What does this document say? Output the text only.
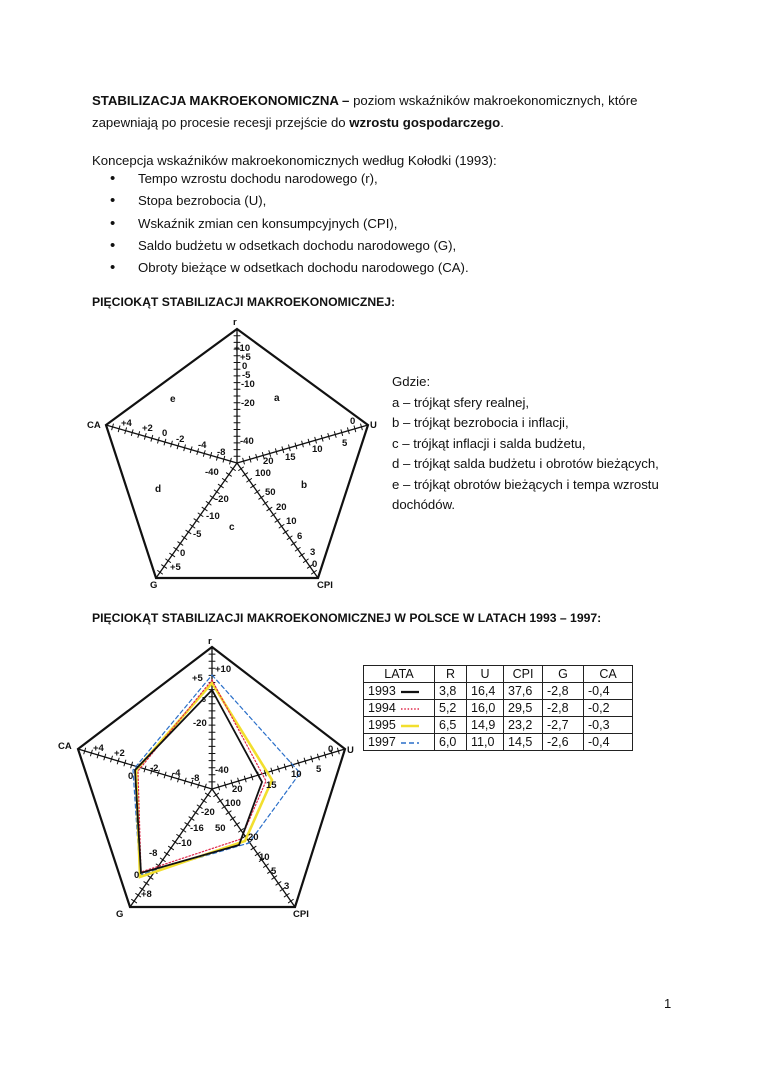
STABILIZACJA MAKROEKONOMICZNA – poziom wskaźników makroekonomicznych, które zapewniają po procesie recesji przejście do wzrostu gospodarczego.
Koncepcja wskaźników makroekonomicznych według Kołodki (1993):
• Tempo wzrostu dochodu narodowego (r),
• Stopa bezrobocia (U),
• Wskaźnik zmian cen konsumpcyjnych (CPI),
• Saldo budżetu w odsetkach dochodu narodowego (G),
• Obroty bieżące w odsetkach dochodu narodowego (CA).
PIĘCIOKĄT STABILIZACJI MAKROEKONOMICZNEJ:
Gdzie:
a – trójkąt sfery realnej,
b – trójkąt bezrobocia i inflacji,
c – trójkąt inflacji i salda budżetu,
d – trójkąt salda budżetu i obrotów bieżących,
e – trójkąt obrotów bieżących i tempa wzrostu
dochódów.
PIĘCIOKĄT STABILIZACJI MAKROEKONOMICZNEJ W POLSCE W LATACH 1993 – 1997:
r
U
CPI
G
CA
+10
+5
0
-5
-10
-20
-40
0
5
10
15
20
100
50
20
10
6
3
0
-40
-20
-10
-5
0
+5
+4 +2 0
-2
-4
-8
a
b
c
d
e
r
U
CPI
G
CA
+10
+5
5
-20
-40
0
5
10
15
20
100
50
20
10
5
3
-20
-16
-10
-8
0
+8
+4 +2
0
-2 -4 -8
LATA	R	U	CPI	G	CA
1993	3,8	16,4	37,6	-2,8	-0,4
1994	5,2	16,0	29,5	-2,8	-0,2
1995	6,5	14,9	23,2	-2,7	-0,3
1997	6,0	11,0	14,5	-2,6	-0,4
1
